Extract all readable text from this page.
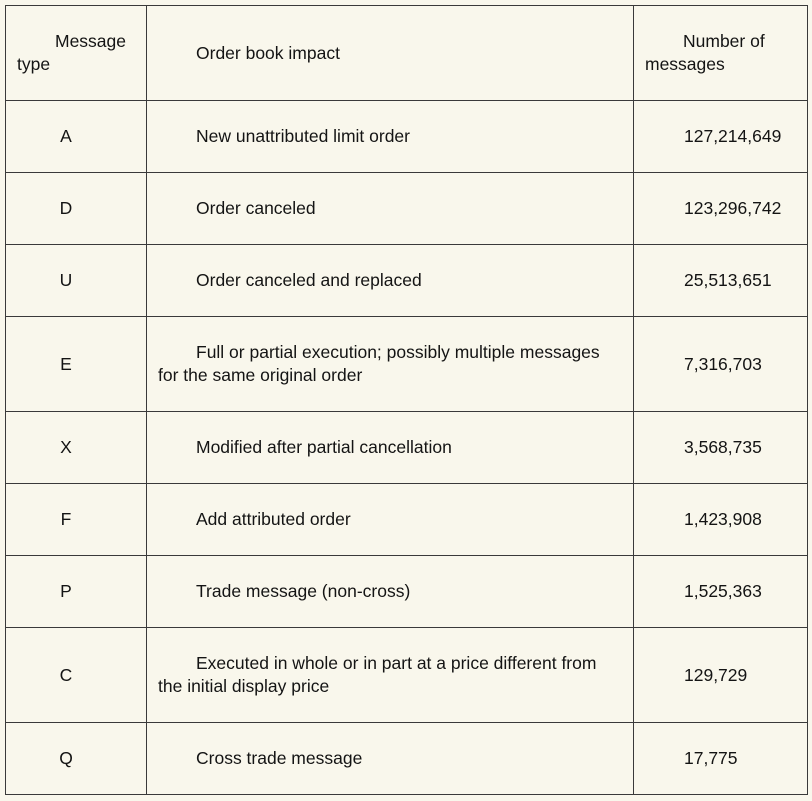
Message type	Order book impact	Number of messages
A	New unattributed limit order	127,214,649
D	Order canceled	123,296,742
U	Order canceled and replaced	25,513,651
E	Full or partial execution; possibly multiple messages for the same original order	7,316,703
X	Modified after partial cancellation	3,568,735
F	Add attributed order	1,423,908
P	Trade message (non-cross)	1,525,363
C	Executed in whole or in part at a price different from the initial display price	129,729
Q	Cross trade message	17,775
